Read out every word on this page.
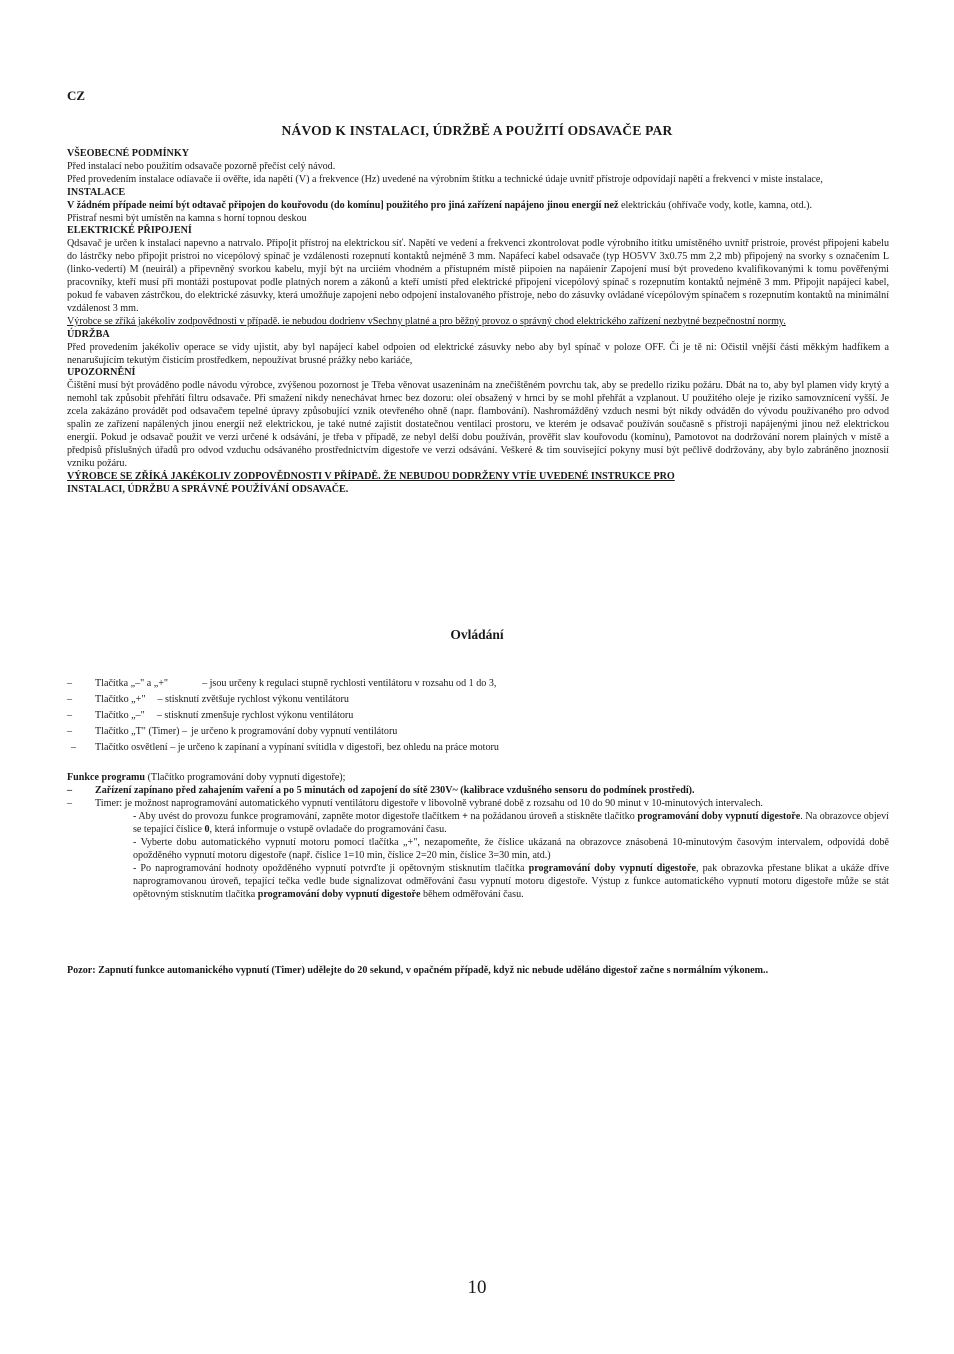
CZ
NÁVOD K INSTALACI, ÚDRŽBĚ A POUŽITÍ ODSAVAČE PAR

VŠEOBECNÉ PODMÍNKY

Před instalací nebo použitím odsavače pozorně přečíst celý návod.

Před provedením instalace odíavače ii ověřte, ida napětí (V) a frekvence (Hz) uvedené na výrobním štítku a technické údaje uvnitř přístroje odpovídají napětí a frekvenci v miste instalace,

INSTALACE

V žádném případe neimí být odtavač připojen do kouřovodu (do komínu] použitého pro jiná zařízení napájeno jinou energií než elektrickáu (ohřívače vody, kotle, kamna, otd.).

Přistraf nesmi být umístěn na kamna s horní topnou deskou

ELEKTRICKÉ PŘIPOJENÍ

Qdsavač je určen k instalaci napevno a natrvalo. Připo[it přístroj na elektrickou síť. Napětí ve vedení a frekvenci zkontrolovat podle výrobního itítku umístěného uvnitř pristroie, provést připojeni kabelu do lástrčky nebo připojit pristroi no vicepólový spínač je vzdálenosti rozepnutí kontaktů nejméně 3 mm. Napáfecí kabel odsavače (typ HO5VV 3x0.75 mm 2,2 mb) připojený na svorky s označením L (linko-vedertí) M (neuirál) a připevněný svorkou kabelu, myjí být na urciiém vhodném a přístupném místě piipoien na napáienír Zapojení musí být provedeno kvalifikovanými k tomu pověřenými pracovníky, kteří musí při montáži postupovat podle platných norem a zákonů a kteří umístí před elektrické připojení vicepólový spínač s rozepnutím kontaktů nejméně 3 mm. Připojit napájecí kabel, pokud fe vabaven zástrčkou, do elektrické zásuvky, která umožňuje zapojeni nebo odpojení instalovaného přístroje, nebo do zásuvky ovládané vícepólovým spínačem s rozepnutím kontaktů na minimální vzdálenost 3 mm.

Výrobce se zříká jakékoliv zodpovědnosti v případě. ie nebudou dodrienv vSechny platné a pro běžný provoz o správný chod elektrického zařízení nezbytné bezpečnostní normy.

ÚDRŽBA

Před provedením jakékoliv operace se vidy ujistit, aby byl napájecí kabel odpoien od elektrické zásuvky nebo aby byl spínač v poloze OFF. Či je tě ni: Očistil vnější části měkkým hadfíkem a nenarušujícím tekutým čisticím prostředkem, nepoužívat brusné prážky nebo kariáće,

UPOZORNĚNÍ

Čištění musí být prováděno podle návodu výrobce, zvýšenou pozornost je Třeba věnovat usazeninám na znečištěném povrchu tak, aby se predello riziku požáru. Dbát na to, aby byl plamen vidy krytý a nemohl tak způsobit přehřátí filtru odsavače. Při smažení nikdy nenechávat hrnec bez dozoru: oleí obsažený v hrnci by se mohl přehřát a vzplanout. U použitého oleje je riziko samovznícení vyšší. Je zcela zakázáno provádět pod odsavačem tepelné úpravy způsobující vznik otevřeného ohně (napr. flambování). Nashromážděný vzduch nesmi být nikdy odváděn do vývodu používaného pro odvod spalin ze zařízení napálených jinou energií než elektrickou, je také nutné zajistit dostatečnou ventilaci prostoru, ve kterém je odsavač používán současně s přístroji napájenými jinou než elektrickou energií. Pokud je odsavač použit ve verzi určené k odsávání, je třeba v případě, ze nebyl delší dobu používán, prověřit slav kouřovodu (komínu), Pamotovot na dodržování norem plainých v místě a předpisů příslušných úřadů pro odvod vzduchu odsávaného prostřednictvím digestoře ve verzi odsávání. Veškeré & tim související pokyny musí být pečlivě dodržovány, aby bylo zabráněno jnoznosií vzniku požáru.

VÝROBCE SE ZŘÍKÁ JAKÉKOLIV ZODPOVĚDNOSTI V PŘÍPADĚ. ŽE NEBUDOU DODRŽENY VTÍE UVEDENÉ INSTRUKCE PRO

INSTALACI, ÚDRŽBU A SPRÁVNÉ POUŽÍVÁNÍ ODSAVAČE.

Ovládání
– Tlačítka „–" a „+"	– jsou určeny k regulaci stupně rychlosti ventilátoru v rozsahu od 1 do 3,
– Tlačítko „+" – stisknutí zvětšuje rychlost výkonu ventilátoru
– Tlačítko „–" – stisknutí zmenšuje rychlost výkonu ventilátoru
– Tlačítko „T" (Timer) – je určeno k programování doby vypnutí ventilátoru
– Tlačítko osvětlení – je určeno k zapínaní a vypínaní svítidla v digestoři, bez ohledu na práce motoru

Funkce programu (Tlačítko programování doby vypnutí digestoře);

– Zařízení zapínano před zahajením vaření a po 5 minutách od zapojení do sítě 230V~ (kalibrace vzdušného sensoru do podmínek prostředí).

– Timer: je možnost naprogramování automatického vypnutí ventilátoru digestoře v libovolně vybrané době z rozsahu od 10 do 90 minut v 10-minutových intervalech.

- Aby uvést do provozu funkce programování, zapněte motor digestoře tlačítkem + na požádanou úroveň a stiskněte tlačítko programování doby vypnutí digestoře. Na obrazovce objeví se tepající číslice 0, která informuje o vstupě ovladače do programování času.

- Vyberte dobu automatického vypnutí motoru pomocí tlačítka „+", nezapomeňte, že číslice ukázaná na obrazovce znásobená 10-minutovým časovým intervalem, odpovídá době opožděného vypnutí motoru digestoře (např. číslice 1=10 min, číslice 2=20 min, číslice 3=30 min, atd.)

- Po naprogramování hodnoty opožděného vypnutí potvrďte ji opětovným stisknutím tlačítka programování doby vypnutí digestoře, pak obrazovka přestane blikat a ukáže dříve naprogramovanou úroveň, tepající tečka vedle bude signalizovat odměřování času vypnutí motoru digestoře. Výstup z funkce automatického vypnutí motoru digestoře může se stát opětovným stisknutím tlačítka programování doby vypnutí digestoře během odměřování času.

Pozor: Zapnutí funkce automanického vypnutí (Timer) udělejte do 20 sekund, v opačném případě, když nic nebude uděláno digestoř začne s normálním výkonem..
10
